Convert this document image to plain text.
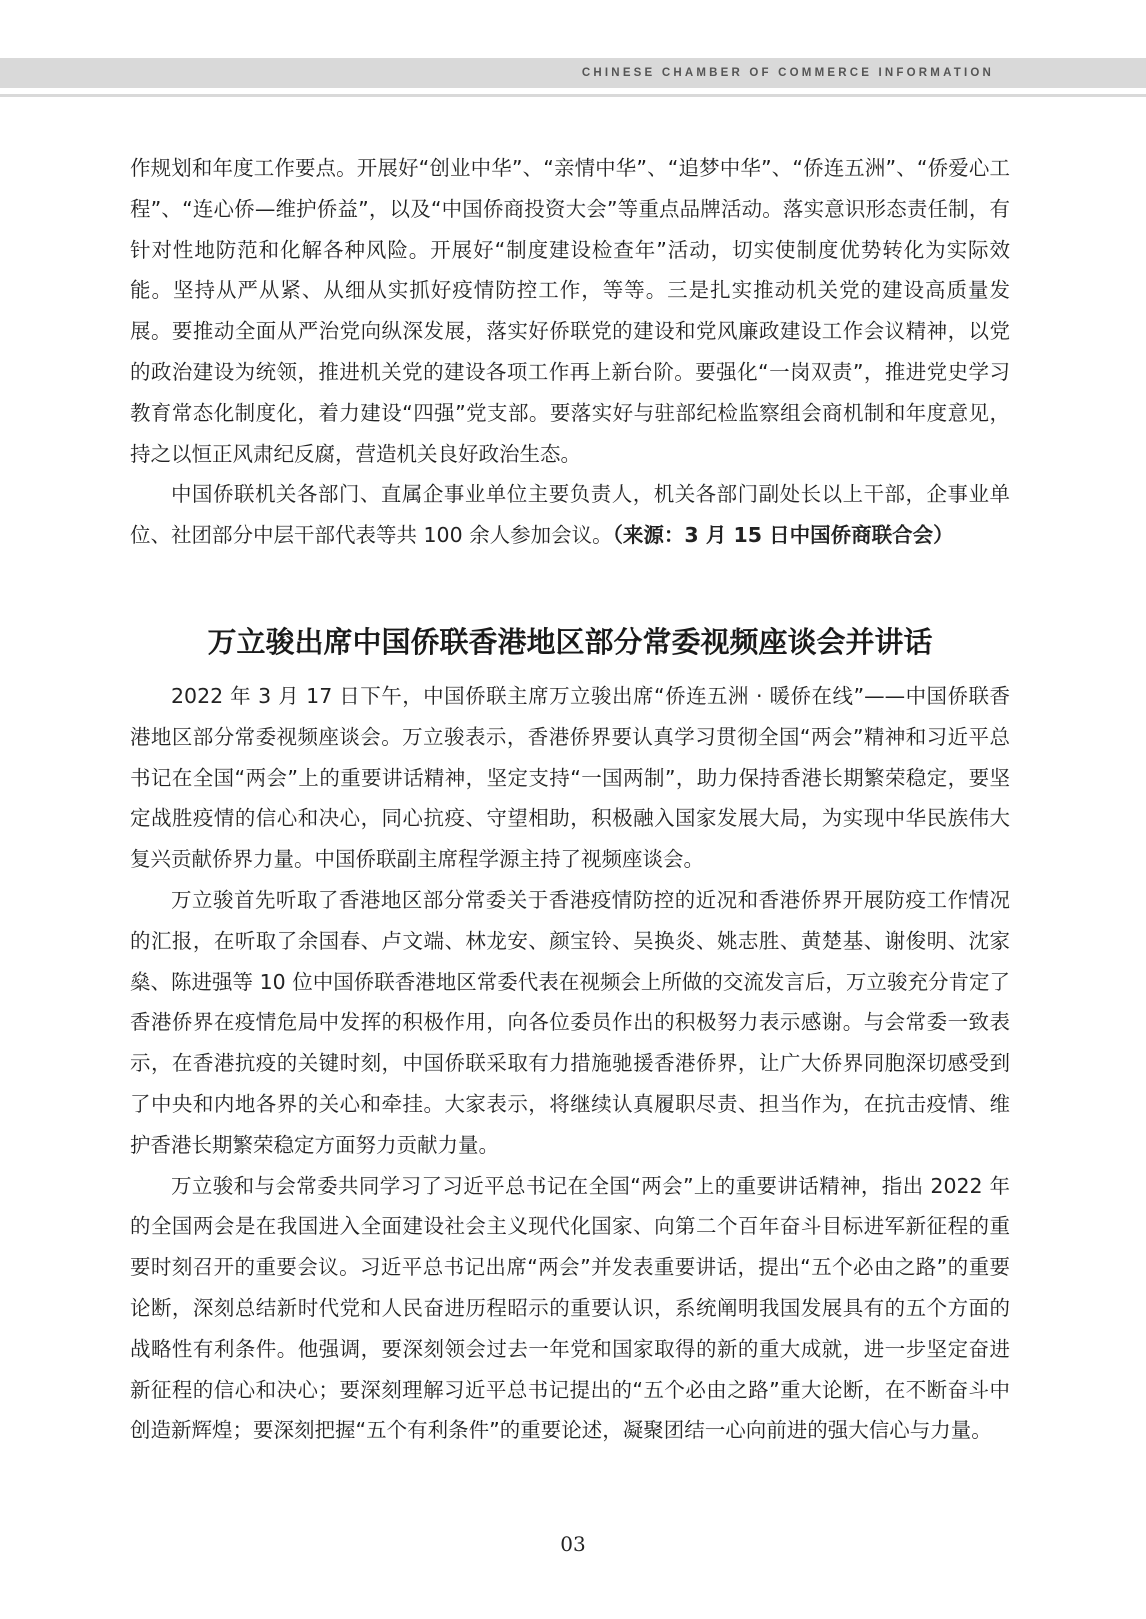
CHINESE CHAMBER OF COMMERCE INFORMATION

作规划和年度工作要点。开展好“创业中华”、“亲情中华”、“追梦中华”、“侨连五洲”、“侨爱心工程”、“连心侨—维护侨益”，以及“中国侨商投资大会”等重点品牌活动。落实意识形态责任制，有针对性地防范和化解各种风险。开展好“制度建设检查年”活动，切实使制度优势转化为实际效能。坚持从严从紧、从细从实抓好疫情防控工作，等等。三是扎实推动机关党的建设高质量发展。要推动全面从严治党向纵深发展，落实好侨联党的建设和党风廉政建设工作会议精神，以党的政治建设为统领，推进机关党的建设各项工作再上新台阶。要强化“一岗双责”，推进党史学习教育常态化制度化，着力建设“四强”党支部。要落实好与驻部纪检监察组会商机制和年度意见，持之以恒正风肃纪反腐，营造机关良好政治生态。

中国侨联机关各部门、直属企事业单位主要负责人，机关各部门副处长以上干部，企事业单位、社团部分中层干部代表等共 100 余人参加会议。（来源：3 月 15 日中国侨商联合会）

万立骏出席中国侨联香港地区部分常委视频座谈会并讲话

2022 年 3 月 17 日下午，中国侨联主席万立骏出席“侨连五洲 · 暖侨在线”——中国侨联香港地区部分常委视频座谈会。万立骏表示，香港侨界要认真学习贯彻全国“两会”精神和习近平总书记在全国“两会”上的重要讲话精神，坚定支持“一国两制”，助力保持香港长期繁荣稳定，要坚定战胜疫情的信心和决心，同心抗疫、守望相助，积极融入国家发展大局，为实现中华民族伟大复兴贡献侨界力量。中国侨联副主席程学源主持了视频座谈会。

万立骏首先听取了香港地区部分常委关于香港疫情防控的近况和香港侨界开展防疫工作情况的汇报，在听取了余国春、卢文端、林龙安、颜宝铃、吴换炎、姚志胜、黄楚基、谢俊明、沈家燊、陈进强等 10 位中国侨联香港地区常委代表在视频会上所做的交流发言后，万立骏充分肯定了香港侨界在疫情危局中发挥的积极作用，向各位委员作出的积极努力表示感谢。与会常委一致表示，在香港抗疫的关键时刻，中国侨联采取有力措施驰援香港侨界，让广大侨界同胞深切感受到了中央和内地各界的关心和牵挂。大家表示，将继续认真履职尽责、担当作为，在抗击疫情、维护香港长期繁荣稳定方面努力贡献力量。

万立骏和与会常委共同学习了习近平总书记在全国“两会”上的重要讲话精神，指出 2022 年的全国两会是在我国进入全面建设社会主义现代化国家、向第二个百年奋斗目标进军新征程的重要时刻召开的重要会议。习近平总书记出席“两会”并发表重要讲话，提出“五个必由之路”的重要论断，深刻总结新时代党和人民奋进历程昭示的重要认识，系统阐明我国发展具有的五个方面的战略性有利条件。他强调，要深刻领会过去一年党和国家取得的新的重大成就，进一步坚定奋进新征程的信心和决心；要深刻理解习近平总书记提出的“五个必由之路”重大论断，在不断奋斗中创造新辉煌；要深刻把握“五个有利条件”的重要论述，凝聚团结一心向前进的强大信心与力量。

03
